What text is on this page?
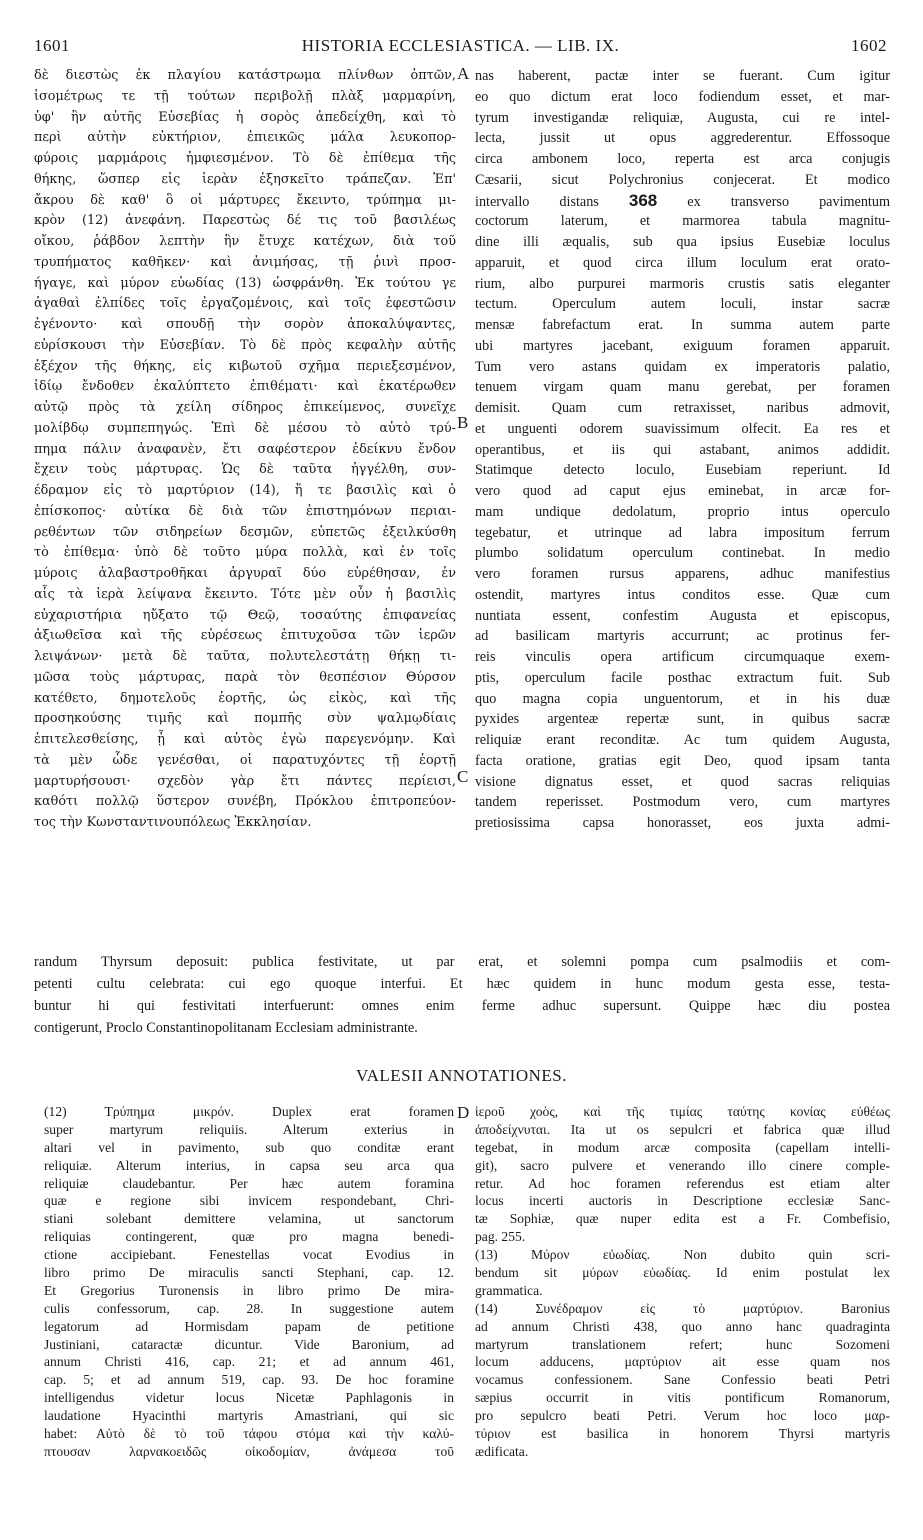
1601	HISTORIA ECCLESIASTICA. — LIB. IX.	1602
A
B
C
D
δὲ διεστὼς ἐκ πλαγίου κατάστρωμα πλίνθων ὀπτῶν,
ἰσομέτρως τε τῇ τούτων περιβολῇ πλὰξ μαρμαρίνη,
ὑφ' ἣν αὐτῆς Εὐσεβίας ἡ σορὸς ἀπεδείχθη, καὶ τὸ
περὶ αὐτὴν εὐκτήριον, ἐπιεικῶς μάλα λευκοπορ-
φύροις μαρμάροις ἠμφιεσμένον. Τὸ δὲ ἐπίθεμα τῆς
θήκης, ὥσπερ εἰς ἱερὰν ἐξησκεῖτο τράπεζαν. Ἐπ'
ἄκρου δὲ καθ' ὃ οἱ μάρτυρες ἔκειντο, τρύπημα μι-
κρὸν (12) ἀνεφάνη. Παρεστὼς δέ τις τοῦ βασιλέως
οἴκου, ῥάβδον λεπτὴν ἣν ἔτυχε κατέχων, διὰ τοῦ
τρυπήματος καθῆκεν· καὶ ἀνιμήσας, τῇ ῥινὶ προσ-
ήγαγε, καὶ μύρον εὐωδίας (13) ὠσφράνθη. Ἐκ τούτου γε
ἀγαθαὶ ἐλπίδες τοῖς ἐργαζομένοις, καὶ τοῖς ἐφεστῶσιν
ἐγένοντο· καὶ σπουδῇ τὴν σορὸν ἀποκαλύψαντες,
εὑρίσκουσι τὴν Εὐσεβίαν. Τὸ δὲ πρὸς κεφαλὴν αὐτῆς
ἐξέχον τῆς θήκης, εἰς κιβωτοῦ σχῆμα περιεξεσμένον,
ἰδίῳ ἔνδοθεν ἐκαλύπτετο ἐπιθέματι· καὶ ἑκατέρωθεν
αὐτῷ πρὸς τὰ χείλη σίδηρος ἐπικείμενος, συνεῖχε
μολίβδῳ συμπεπηγώς. Ἐπὶ δὲ μέσου τὸ αὐτὸ τρύ-
πημα πάλιν ἀναφανὲν, ἔτι σαφέστερον ἐδείκνυ ἔνδον
ἔχειν τοὺς μάρτυρας. Ὡς δὲ ταῦτα ἠγγέλθη, συν-
έδραμον εἰς τὸ μαρτύριον (14), ἥ τε βασιλὶς καὶ ὁ
ἐπίσκοπος· αὐτίκα δὲ διὰ τῶν ἐπιστημόνων περιαι-
ρεθέντων τῶν σιδηρείων δεσμῶν, εὐπετῶς ἐξειλκύσθη
τὸ ἐπίθεμα· ὑπὸ δὲ τοῦτο μύρα πολλὰ, καὶ ἐν τοῖς
μύροις ἀλαβαστροθῆκαι ἀργυραῖ δύο εὑρέθησαν, ἐν
αἷς τὰ ἱερὰ λείψανα ἔκειντο. Τότε μὲν οὖν ἡ βασιλὶς
εὐχαριστήρια ηὔξατο τῷ Θεῷ, τοσαύτης ἐπιφανείας
ἀξιωθεῖσα καὶ τῆς εὑρέσεως ἐπιτυχοῦσα τῶν ἱερῶν
λειψάνων· μετὰ δὲ ταῦτα, πολυτελεστάτῃ θήκῃ τι-
μῶσα τοὺς μάρτυρας, παρὰ τὸν θεσπέσιον Θύρσον
κατέθετο, δημοτελοῦς ἑορτῆς, ὡς εἰκὸς, καὶ τῆς
προσηκούσης τιμῆς καὶ πομπῆς σὺν ψαλμῳδίαις
ἐπιτελεσθείσης, ᾗ καὶ αὐτὸς ἐγὼ παρεγενόμην. Καὶ
τὰ μὲν ὧδε γενέσθαι, οἱ παρατυχόντες τῇ ἑορτῇ
μαρτυρήσουσι· σχεδὸν γὰρ ἔτι πάντες περίεισι,
καθότι πολλῷ ὕστερον συνέβη, Πρόκλου ἐπιτροπεύον-
τος τὴν Κωνσταντινουπόλεως Ἐκκλησίαν.
nas haberent, pactæ inter se fuerant. Cum igitur
eo quo dictum erat loco fodiendum esset, et mar-
tyrum investigandæ reliquiæ, Augusta, cui re intel-
lecta, jussit ut opus aggrederentur. Effossoque
circa ambonem loco, reperta est arca conjugis
Cæsarii, sicut Polychronius conjecerat. Et modico
intervallo distans 368 ex transverso pavimentum
coctorum laterum, et marmorea tabula magnitu-
dine illi æqualis, sub qua ipsius Eusebiæ loculus
apparuit, et quod circa illum loculum erat orato-
rium, albo purpurei marmoris crustis satis eleganter
tectum. Operculum autem loculi, instar sacræ
mensæ fabrefactum erat. In summa autem parte
ubi martyres jacebant, exiguum foramen apparuit.
Tum vero astans quidam ex imperatoris palatio,
tenuem virgam quam manu gerebat, per foramen
demisit. Quam cum retraxisset, naribus admovit,
et unguenti odorem suavissimum olfecit. Ea res et
operantibus, et iis qui astabant, animos addidit.
Statimque detecto loculo, Eusebiam reperiunt. Id
vero quod ad caput ejus eminebat, in arcæ for-
mam undique dedolatum, proprio intus operculo
tegebatur, et utrinque ad labra impositum ferrum
plumbo solidatum operculum continebat. In medio
vero foramen rursus apparens, adhuc manifestius
ostendit, martyres intus conditos esse. Quæ cum
nuntiata essent, confestim Augusta et episcopus,
ad basilicam martyris accurrunt; ac protinus fer-
reis vinculis opera artificum circumquaque exem-
ptis, operculum facile posthac extractum fuit. Sub
quo magna copia unguentorum, et in his duæ
pyxides argenteæ repertæ sunt, in quibus sacræ
reliquiæ erant reconditæ. Ac tum quidem Augusta,
facta oratione, gratias egit Deo, quod ipsam tanta
visione dignatus esset, et quod sacras reliquias
tandem reperisset. Postmodum vero, cum martyres
pretiosissima capsa honorasset, eos juxta admi-
randum Thyrsum deposuit: publica festivitate, ut par erat, et solemni pompa cum psalmodiis et com-
petenti cultu celebrata: cui ego quoque interfui. Et hæc quidem in hunc modum gesta esse, testa-
buntur hi qui festivitati interfuerunt: omnes enim ferme adhuc supersunt. Quippe hæc diu postea
contigerunt, Proclo Constantinopolitanam Ecclesiam administrante.
VALESII ANNOTATIONES.
(12) Τρύπημα μικρόν. Duplex erat foramen
super martyrum reliquiis. Alterum exterius in
altari vel in pavimento, sub quo conditæ erant
reliquiæ. Alterum interius, in capsa seu arca qua
reliquiæ claudebantur. Per hæc autem foramina
quæ e regione sibi invicem respondebant, Chri-
stiani solebant demittere velamina, ut sanctorum
reliquias contingerent, quæ pro magna benedi-
ctione accipiebant. Fenestellas vocat Evodius in
libro primo De miraculis sancti Stephani, cap. 12.
Et Gregorius Turonensis in libro primo De mira-
culis confessorum, cap. 28. In suggestione autem
legatorum ad Hormisdam papam de petitione
Justiniani, cataractæ dicuntur. Vide Baronium, ad
annum Christi 416, cap. 21; et ad annum 461,
cap. 5; et ad annum 519, cap. 93. De hoc foramine
intelligendus videtur locus Nicetæ Paphlagonis in
laudatione Hyacinthi martyris Amastriani, qui sic
habet: Αὐτὸ δὲ τὸ τοῦ τάφου στόμα καὶ τὴν καλύ-
πτουσαν λαρνακοειδῶς οἰκοδομίαν, ἀνάμεσα τοῦ
ἱεροῦ χοὸς, καὶ τῆς τιμίας ταύτης κονίας εὐθέως
ἀποδείχνυται. Ita ut os sepulcri et fabrica quæ illud
tegebat, in modum arcæ composita (capellam intelli-
git), sacro pulvere et venerando illo cinere comple-
retur. Ad hoc foramen referendus est etiam alter
locus incerti auctoris in Descriptione ecclesiæ Sanc-
tæ Sophiæ, quæ nuper edita est a Fr. Combefisio,
pag. 255.
(13) Μύρον εὐωδίας. Non dubito quin scri-
bendum sit μύρων εὐωδίας. Id enim postulat lex
grammatica.
(14) Συνέδραμον εἰς τὸ μαρτύριον. Baronius
ad annum Christi 438, quo anno hanc quadraginta
martyrum translationem refert; hunc Sozomeni
locum adducens, μαρτύριον ait esse quam nos
vocamus confessionem. Sane Confessio beati Petri
sæpius occurrit in vitis pontificum Romanorum,
pro sepulcro beati Petri. Verum hoc loco μαρ-
τύριον est basilica in honorem Thyrsi martyris
ædificata.
